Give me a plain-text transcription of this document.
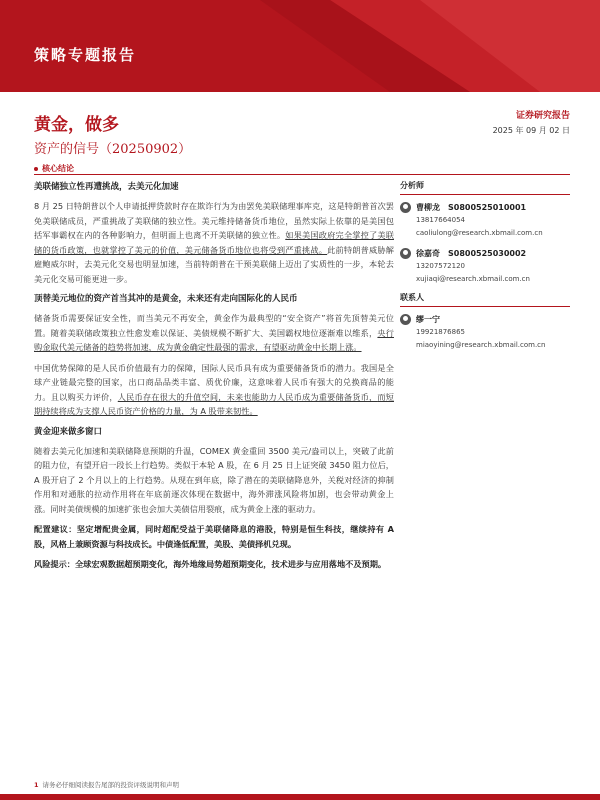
策略专题报告
黄金，做多
资产的信号（20250902）
证券研究报告
2025 年 09 月 02 日
核心结论
美联储独立性再遭挑战，去美元化加速
8 月 25 日特朗普以个人申请抵押贷款时存在欺诈行为为由罢免美联储理事库克，这是特朗普首次罢免美联储成员，严重挑战了美联储的独立性。美元维持储备货币地位，虽然实际上依靠的是美国包括军事霸权在内的各种影响力，但明面上也离不开美联储的独立性。如果美国政府完全掌控了美联储的货币政策，也就掌控了美元的价值，美元储备货币地位也将受到严重挑战。此前特朗普威胁解雇鲍威尔时，去美元化交易也明显加速，当前特朗普在干预美联储上迈出了实质性的一步，本轮去美元化交易可能更进一步。
顶替美元地位的资产首当其冲的是黄金，未来还有走向国际化的人民币
储备货币需要保证安全性，而当美元不再安全，黄金作为最典型的“安全资产”将首先顶替美元位置。随着美联储政策独立性愈发难以保证、美债规模不断扩大、美国霸权地位逐渐难以维系，央行购金取代美元储备的趋势将加速，成为黄金确定性最强的需求，有望驱动黄金中长期上涨。
中国优势保障的是人民币价值最有力的保障，国际人民币具有成为重要储备货币的潜力。我国是全球产业链最完整的国家，出口商品品类丰富、质优价廉，这意味着人民币有强大的兑换商品的能力。且以购买力评价，人民币存在很大的升值空间，未来也能助力人民币成为重要储备货币，而短期持续将成为支撑人民币资产价格的力量，为 A 股带来韧性。
黄金迎来做多窗口
随着去美元化加速和美联储降息预期的升温，COMEX 黄金重回 3500 美元/盎司以上，突破了此前的阻力位，有望开启一段长上行趋势。类似于本轮 A 股，在 6 月 25 日上证突破 3450 阻力位后，A 股开启了 2 个月以上的上行趋势。从现在到年底，除了潜在的美联储降息外，关税对经济的抑制作用和对通胀的拉动作用将在年底前逐次体现在数据中，海外滞涨风险将加剧，也会带动黄金上涨。同时美债规模的加速扩张也会加大美债信用裂痕，成为黄金上涨的驱动力。
配置建议：坚定增配贵金属，同时超配受益于美联储降息的港股，特别是恒生科技，继续持有 A 股，风格上兼顾资源与科技成长。中债逢低配置，美股、美债择机兑现。
风险提示：全球宏观数据超预期变化，海外地缘局势超预期变化，技术进步与应用落地不及预期。
分析师
曹柳龙 S0800525010001
13817664054
caoliulong@research.xbmail.com.cn
徐嘉奇 S0800525030002
13207572120
xujiaqi@research.xbmail.com.cn
联系人
缪一宁
19921876865
miaoyining@research.xbmail.com.cn
1 请务必仔细阅读报告尾部的投资评级说明和声明
